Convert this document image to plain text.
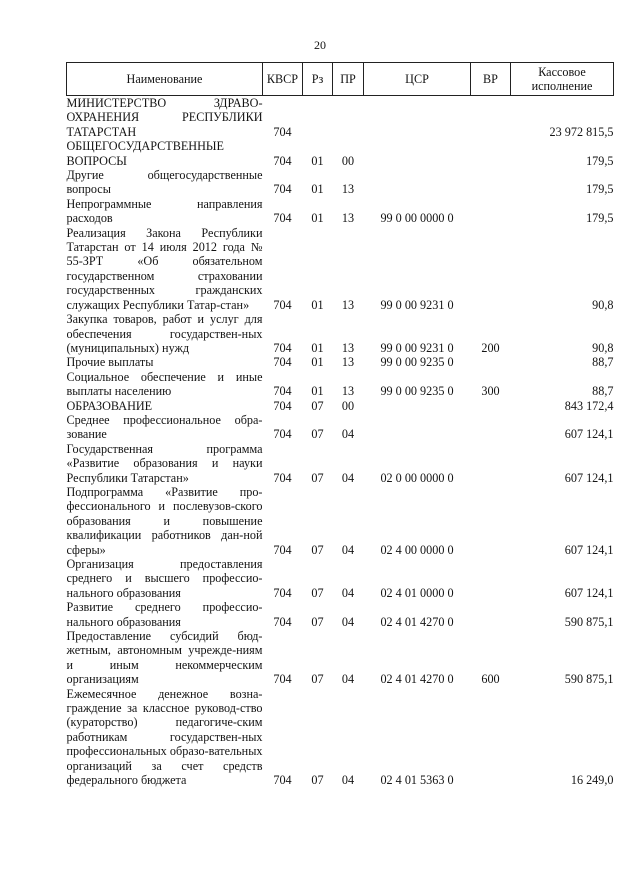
20
Наименование	КВСР	Рз	ПР	ЦСР	ВР	Кассовое исполнение
МИНИСТЕРСТВО ЗДРАВО-ОХРАНЕНИЯ РЕСПУБЛИКИ ТАТАРСТАН	704					23 972 815,5
ОБЩЕГОСУДАРСТВЕННЫЕ ВОПРОСЫ	704	01	00			179,5
Другие общегосударственные вопросы	704	01	13			179,5
Непрограммные направления расходов	704	01	13	99 0 00 0000 0		179,5
Реализация Закона Республики Татарстан от 14 июля 2012 года № 55-ЗРТ «Об обязательном государственном страховании государственных гражданских служащих Республики Татар-стан»	704	01	13	99 0 00 9231 0		90,8
Закупка товаров, работ и услуг для обеспечения государствен-ных (муниципальных) нужд	704	01	13	99 0 00 9231 0	200	90,8
Прочие выплаты	704	01	13	99 0 00 9235 0		88,7
Социальное обеспечение и иные выплаты населению	704	01	13	99 0 00 9235 0	300	88,7
ОБРАЗОВАНИЕ	704	07	00			843 172,4
Среднее профессиональное обра-зование	704	07	04			607 124,1
Государственная программа «Развитие образования и науки Республики Татарстан»	704	07	04	02 0 00 0000 0		607 124,1
Подпрограмма «Развитие про-фессионального и послевузов-ского образования и повышение квалификации работников дан-ной сферы»	704	07	04	02 4 00 0000 0		607 124,1
Организация предоставления среднего и высшего профессио-нального образования	704	07	04	02 4 01 0000 0		607 124,1
Развитие среднего профессио-нального образования	704	07	04	02 4 01 4270 0		590 875,1
Предоставление субсидий бюд-жетным, автономным учрежде-ниям и иным некоммерческим организациям	704	07	04	02 4 01 4270 0	600	590 875,1
Ежемесячное денежное возна-граждение за классное руковод-ство (кураторство) педагогиче-ским работникам государствен-ных профессиональных образо-вательных организаций за счет средств федерального бюджета	704	07	04	02 4 01 5363 0		16 249,0
